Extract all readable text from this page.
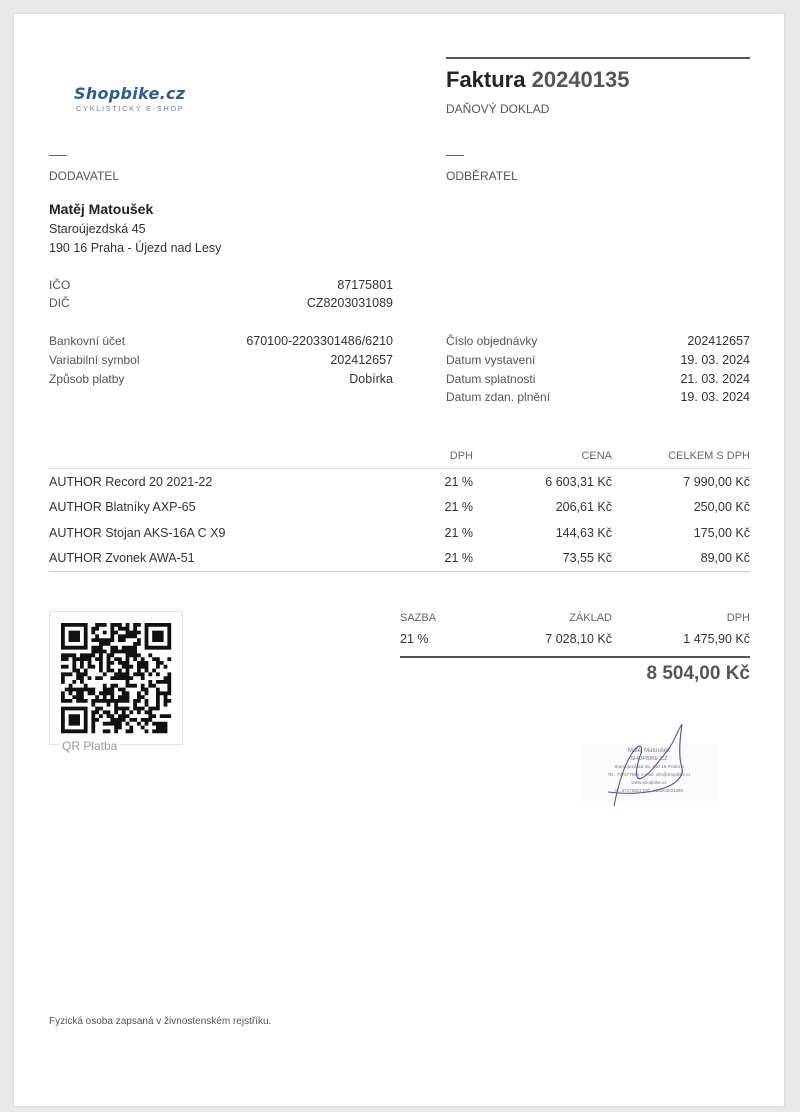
Shopbike.cz
CYKLISTICKÝ E-SHOP
Faktura 20240135
DAŇOVÝ DOKLAD
DODAVATEL	ODBĚRATEL
Matěj Matoušek
Staroújezdská 45
190 16 Praha - Újezd nad Lesy
IČO	87175801
DIČ	CZ8203031089
Bankovní účet	670100-2203301486/6210
Variabilní symbol	202412657
Způsob platby	Dobírka
Číslo objednávky	202412657
Datum vystavení	19. 03. 2024
Datum splatnosti	21. 03. 2024
Datum zdan. plnění	19. 03. 2024
	DPH	CENA	CELKEM S DPH
AUTHOR Record 20 2021-22	21 %	6 603,31 Kč	7 990,00 Kč
AUTHOR Blatníky AXP-65	21 %	206,61 Kč	250,00 Kč
AUTHOR Stojan AKS-16A C X9	21 %	144,63 Kč	175,00 Kč
AUTHOR Zvonek AWA-51	21 %	73,55 Kč	89,00 Kč
QR Platba
SAZBA	ZÁKLAD	DPH
21 %	7 028,10 Kč	1 475,90 Kč
8 504,00 Kč
Matěj Matoušek
SHOPBIKE.CZ
Staroújezdská 45, 190 16 Praha 9
Tel.: 777277589, e-mail: info@shopbike.cz
www.shopbike.cz
IČ: 87175801 DIČ: CZ8203031089
Fyzická osoba zapsaná v živnostenském rejstříku.
